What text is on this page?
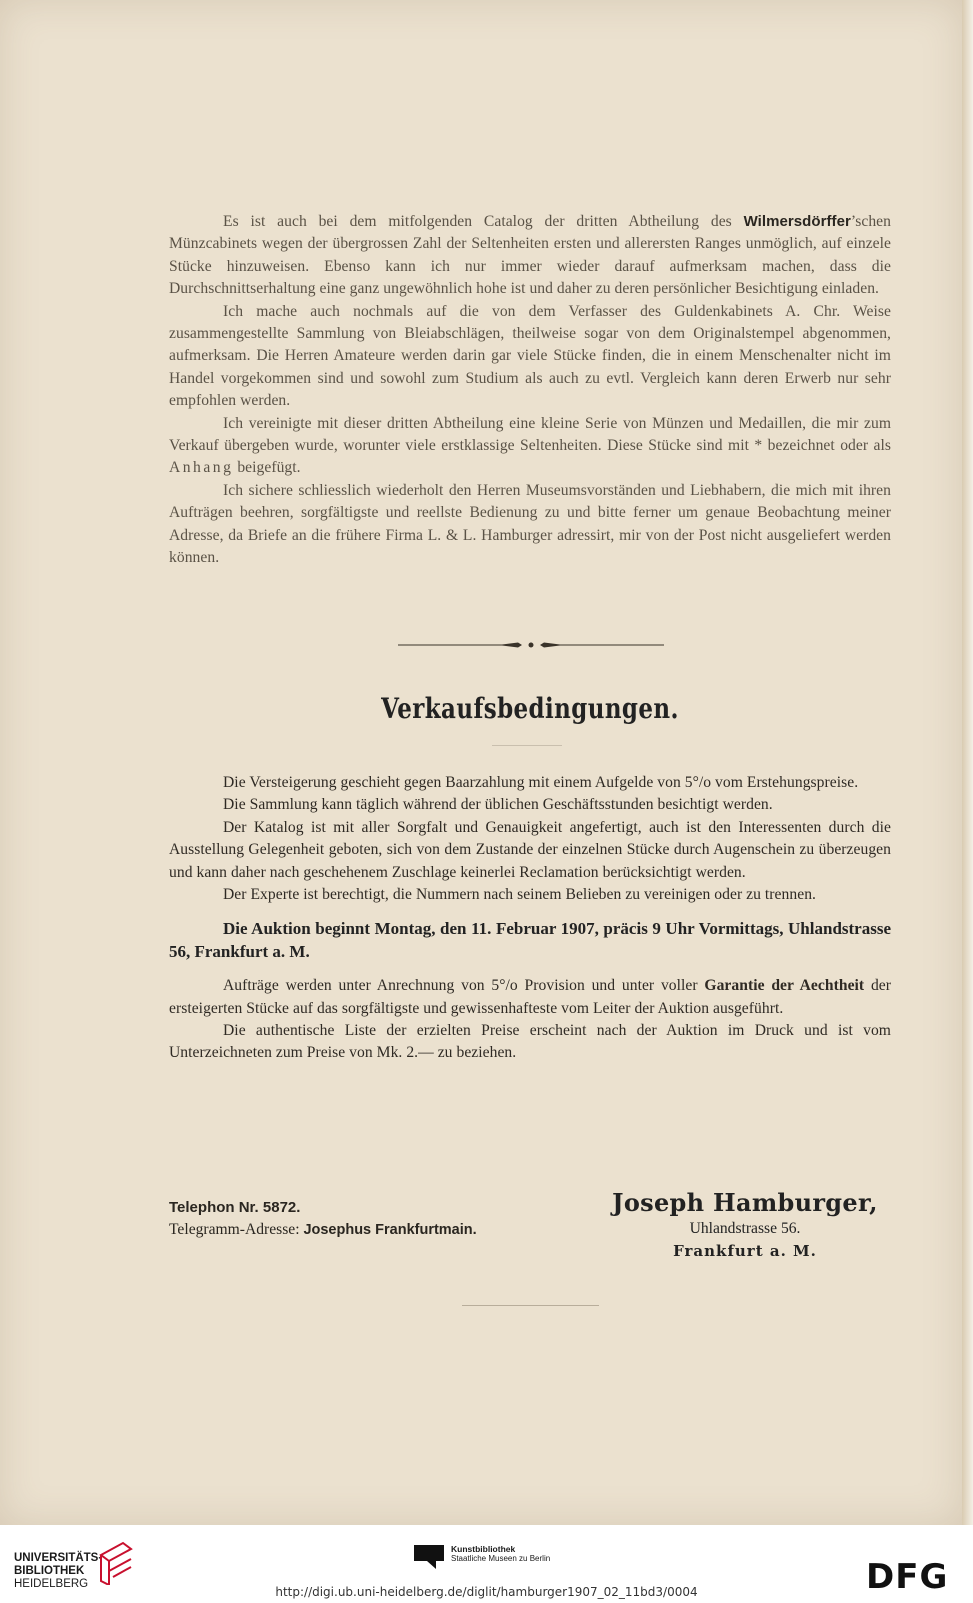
Es ist auch bei dem mitfolgenden Catalog der dritten Abtheilung des Wilmersdörffer’schen Münzcabinets wegen der übergrossen Zahl der Seltenheiten ersten und allerersten Ranges unmöglich, auf einzele Stücke hinzuweisen. Ebenso kann ich nur immer wieder darauf aufmerksam machen, dass die Durchschnittserhaltung eine ganz ungewöhnlich hohe ist und daher zu deren persönlicher Besichtigung einladen.

Ich mache auch nochmals auf die von dem Verfasser des Guldenkabinets A. Chr. Weise zusammengestellte Sammlung von Bleiabschlägen, theilweise sogar von dem Originalstempel abgenommen, aufmerksam. Die Herren Amateure werden darin gar viele Stücke finden, die in einem Menschenalter nicht im Handel vorgekommen sind und sowohl zum Studium als auch zu evtl. Vergleich kann deren Erwerb nur sehr empfohlen werden.

Ich vereinigte mit dieser dritten Abtheilung eine kleine Serie von Münzen und Medaillen, die mir zum Verkauf übergeben wurde, worunter viele erstklassige Seltenheiten. Diese Stücke sind mit * bezeichnet oder als Anhang beigefügt.

Ich sichere schliesslich wiederholt den Herren Museumsvorständen und Liebhabern, die mich mit ihren Aufträgen beehren, sorgfältigste und reellste Bedienung zu und bitte ferner um genaue Beobachtung meiner Adresse, da Briefe an die frühere Firma L. & L. Hamburger adressirt, mir von der Post nicht ausgeliefert werden können.

Verkaufsbedingungen.

Die Versteigerung geschieht gegen Baarzahlung mit einem Aufgelde von 5°/o vom Erstehungspreise.

Die Sammlung kann täglich während der üblichen Geschäftsstunden besichtigt werden.

Der Katalog ist mit aller Sorgfalt und Genauigkeit angefertigt, auch ist den Interessenten durch die Ausstellung Gelegenheit geboten, sich von dem Zustande der einzelnen Stücke durch Augenschein zu überzeugen und kann daher nach geschehenem Zuschlage keinerlei Reclamation berücksichtigt werden.

Der Experte ist berechtigt, die Nummern nach seinem Belieben zu vereinigen oder zu trennen.

Die Auktion beginnt Montag, den 11. Februar 1907, präcis 9 Uhr Vormittags, Uhlandstrasse 56, Frankfurt a. M.

Aufträge werden unter Anrechnung von 5°/o Provision und unter voller Garantie der Aechtheit der ersteigerten Stücke auf das sorgfältigste und gewissenhafteste vom Leiter der Auktion ausgeführt.

Die authentische Liste der erzielten Preise erscheint nach der Auktion im Druck und ist vom Unterzeichneten zum Preise von Mk. 2.— zu beziehen.

Telephon Nr. 5872.
Telegramm-Adresse: Josephus Frankfurtmain.
Joseph Hamburger,
Uhlandstrasse 56.
Frankfurt a. M.
UNIVERSITÄTS-
BIBLIOTHEK
HEIDELBERG
Kunstbibliothek
Staatliche Museen zu Berlin	DFG
http://digi.ub.uni-heidelberg.de/diglit/hamburger1907_02_11bd3/0004
